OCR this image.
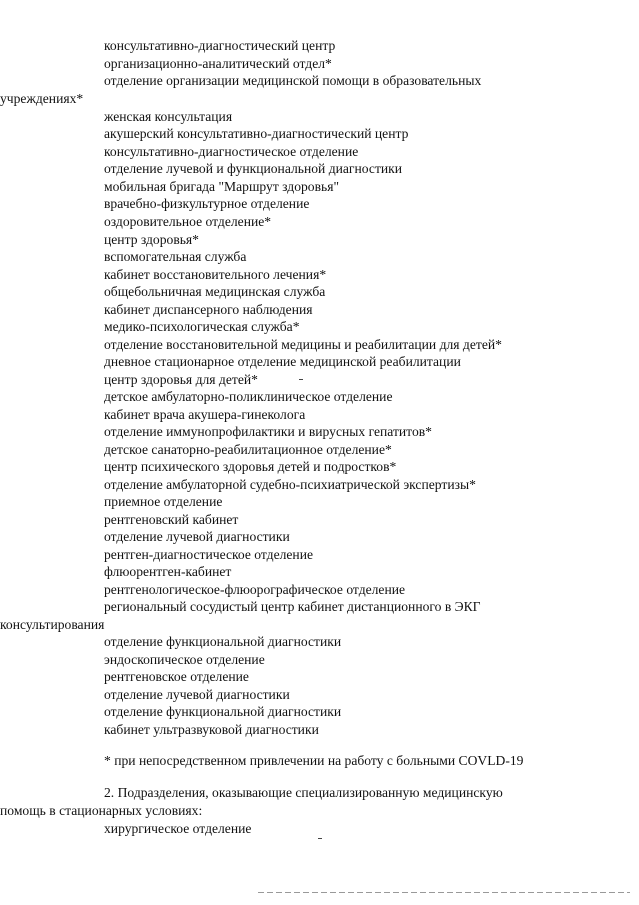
консультативно-диагностический центр
организационно-аналитический отдел*
отделение организации медицинской помощи в образовательных
учреждениях*
женская консультация
акушерский консультативно-диагностический центр
консультативно-диагностическое отделение
отделение лучевой и функциональной диагностики
мобильная бригада "Маршрут здоровья"
врачебно-физкультурное отделение
оздоровительное отделение*
центр здоровья*
вспомогательная служба
кабинет восстановительного лечения*
общебольничная медицинская служба
кабинет диспансерного наблюдения
медико-психологическая служба*
отделение восстановительной медицины и реабилитации для детей*
дневное стационарное отделение медицинской реабилитации
центр здоровья для детей*
детское амбулаторно-поликлиническое отделение
кабинет врача акушера-гинеколога
отделение иммунопрофилактики и вирусных гепатитов*
детское санаторно-реабилитационное отделение*
центр психического здоровья детей и подростков*
отделение амбулаторной судебно-психиатрической экспертизы*
приемное отделение
рентгеновский кабинет
отделение лучевой диагностики
рентген-диагностическое отделение
флюорентген-кабинет
рентгенологическое-флюорографическое отделение
региональный сосудистый центр кабинет дистанционного в ЭКГ
консультирования
отделение функциональной диагностики
эндоскопическое отделение
рентгеновское отделение
отделение лучевой диагностики
отделение функциональной диагностики
кабинет ультразвуковой диагностики
* при непосредственном привлечении на работу с больными COVLD-19
2. Подразделения, оказывающие специализированную медицинскую
помощь в стационарных условиях:
хирургическое отделение
